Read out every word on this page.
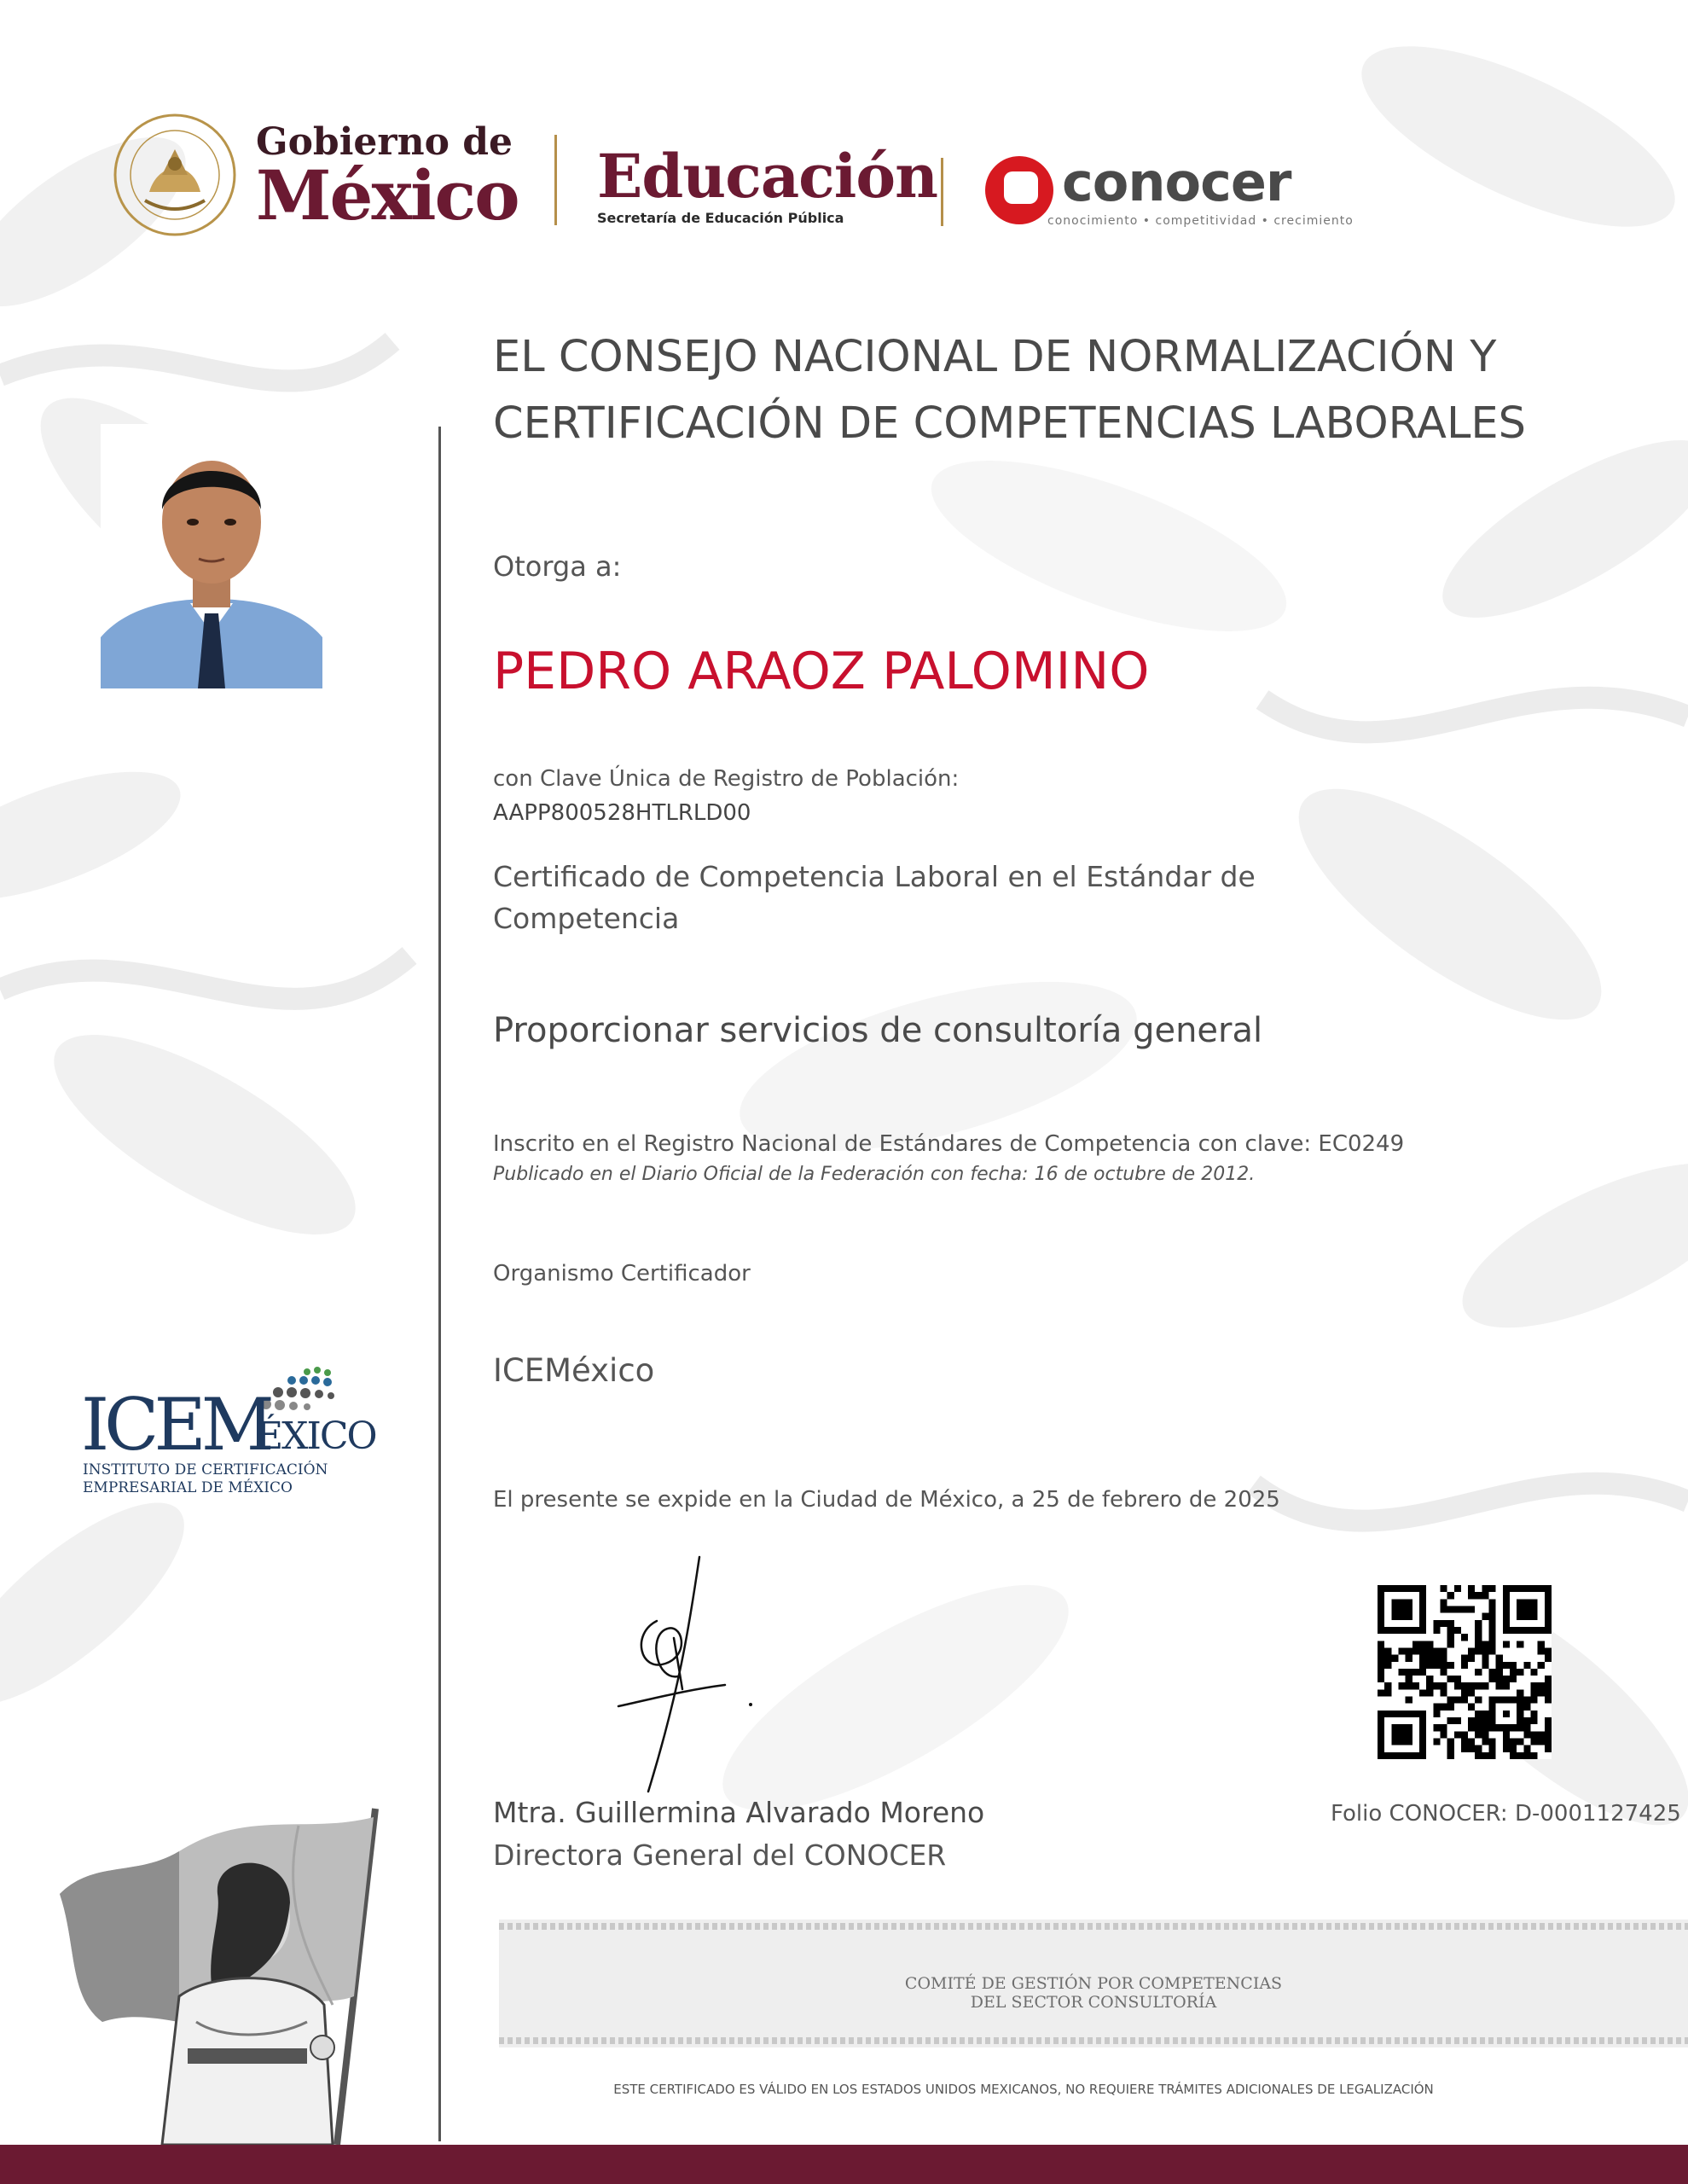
Gobierno de
México Educación
Secretaría de Educación Pública
conocer
conocimiento • competitividad • crecimiento
EL CONSEJO NACIONAL DE NORMALIZACIÓN Y
CERTIFICACIÓN DE COMPETENCIAS LABORALES
Otorga a:
PEDRO ARAOZ PALOMINO
con Clave Única de Registro de Población:
AAPP800528HTLRLD00
Certificado de Competencia Laboral en el Estándar de
Competencia
Proporcionar servicios de consultoría general
Inscrito en el Registro Nacional de Estándares de Competencia con clave: EC0249
Publicado en el Diario Oficial de la Federación con fecha: 16 de octubre de 2012.
Organismo Certificador
ICEMéxico
El presente se expide en la Ciudad de México, a 25 de febrero de 2025
ICEM
ÉXICO
INSTITUTO DE CERTIFICACIÓN
EMPRESARIAL DE MÉXICO
Mtra. Guillermina Alvarado Moreno
Directora General del CONOCER
Folio CONOCER: D-0001127425
COMITÉ DE GESTIÓN POR COMPETENCIAS
DEL SECTOR CONSULTORÍA
ESTE CERTIFICADO ES VÁLIDO EN LOS ESTADOS UNIDOS MEXICANOS, NO REQUIERE TRÁMITES ADICIONALES DE LEGALIZACIÓN
